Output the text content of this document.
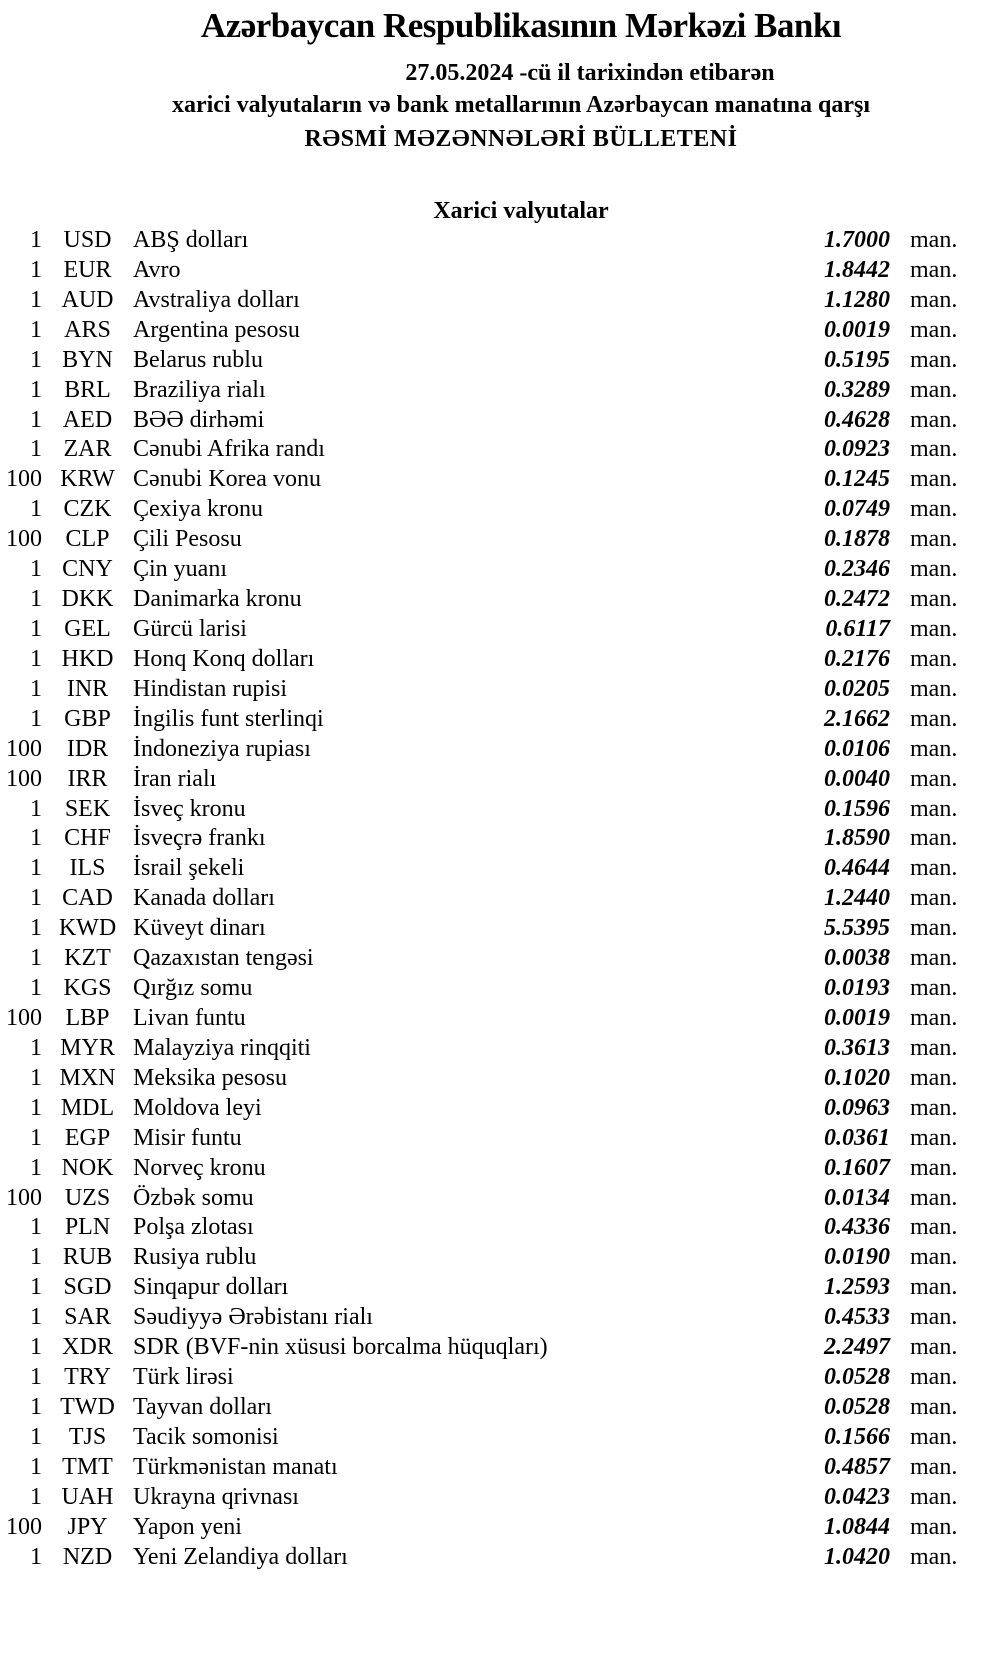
Azərbaycan Respublikasının Mərkəzi Bankı
27.05.2024 -cü il tarixindən etibarən
xarici valyutaların və bank metallarının Azərbaycan manatına qarşı
RƏSMİ MƏZƏNNƏLƏRİ BÜLLETENİ
Xarici valyutalar
1 USD ABŞ dolları	1.7000 man.
1 EUR Avro	1.8442 man.
1 AUD Avstraliya dolları	1.1280 man.
1 ARS Argentina pesosu	0.0019 man.
1 BYN Belarus rublu	0.5195 man.
1 BRL Braziliya rialı	0.3289 man.
1 AED BƏƏ dirhəmi	0.4628 man.
1 ZAR Cənubi Afrika randı	0.0923 man.
100 KRW Cənubi Korea vonu	0.1245 man.
1 CZK Çexiya kronu	0.0749 man.
100 CLP Çili Pesosu	0.1878 man.
1 CNY Çin yuanı	0.2346 man.
1 DKK Danimarka kronu	0.2472 man.
1 GEL Gürcü larisi	0.6117 man.
1 HKD Honq Konq dolları	0.2176 man.
1	INR	Hindistan rupisi	0.0205 man.
1 GBP İngilis funt sterlinqi	2.1662 man.
100	IDR	İndoneziya rupiası	0.0106 man.
100	IRR	İran rialı	0.0040 man.
1 SEK İsveç kronu	0.1596 man.
1 CHF İsveçrə frankı	1.8590 man.
1	ILS	İsrail şekeli	0.4644 man.
1 CAD Kanada dolları	1.2440 man.
1 KWD Küveyt dinarı	5.5395 man.
1 KZT Qazaxıstan tengəsi	0.0038 man.
1 KGS Qırğız somu	0.0193 man.
100 LBP Livan funtu	0.0019 man.
1 MYR Malayziya rinqqiti	0.3613 man.
1 MXN Meksika pesosu	0.1020 man.
1 MDL Moldova leyi	0.0963 man.
1 EGP Misir funtu	0.0361 man.
1 NOK Norveç kronu	0.1607 man.
100 UZS Özbək somu	0.0134 man.
1 PLN Polşa zlotası	0.4336 man.
1 RUB Rusiya rublu	0.0190 man.
1 SGD Sinqapur dolları	1.2593 man.
1 SAR Səudiyyə Ərəbistanı rialı	0.4533 man.
1 XDR SDR (BVF-nin xüsusi borcalma hüquqları)	2.2497 man.
1 TRY Türk lirəsi	0.0528 man.
1 TWD Tayvan dolları	0.0528 man.
1	TJS	Tacik somonisi	0.1566 man.
1 TMT Türkmənistan manatı	0.4857 man.
1 UAH Ukrayna qrivnası	0.0423 man.
100	JPY	Yapon yeni	1.0844 man.
1 NZD Yeni Zelandiya dolları	1.0420 man.
